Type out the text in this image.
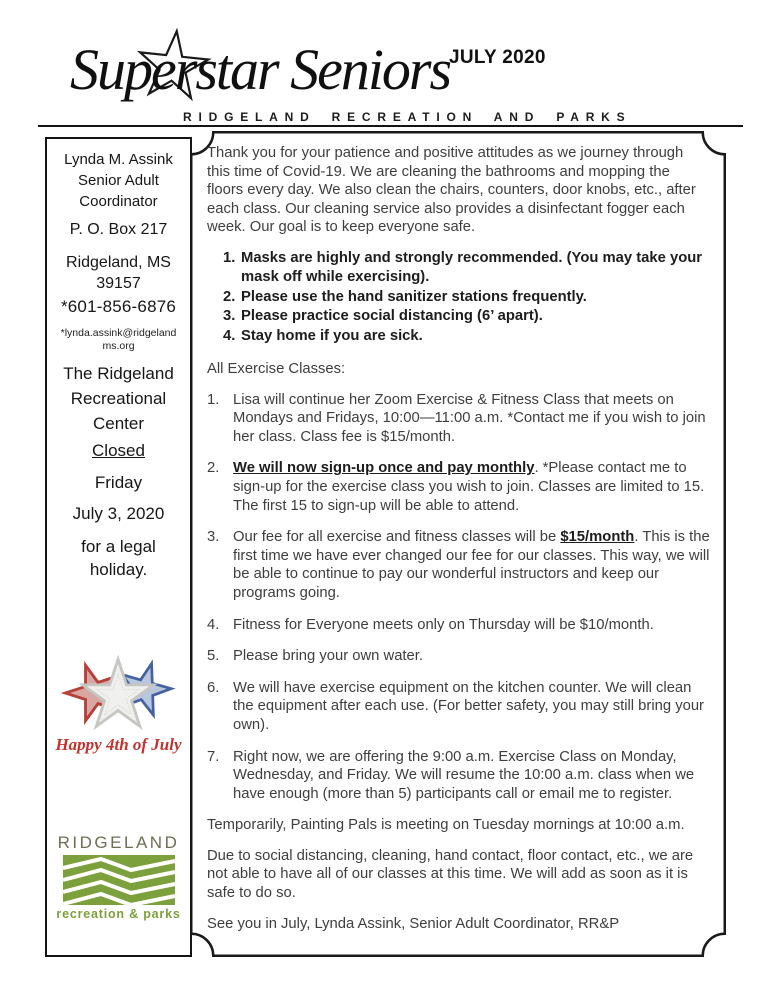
JULY 2020
Superstar Seniors
RIDGELAND RECREATION AND PARKS
Lynda M. Assink
Senior Adult
Coordinator
P. O. Box 217
Ridgeland, MS
39157
*601-856-6876
*lynda.assink@ridgelandms.org
The Ridgeland
Recreational
Center
Closed
Friday
July 3, 2020
for a legal
holiday.
Happy 4th of July
RIDGELAND
recreation & parks

Thank you for your patience and positive attitudes as we journey through this time of Covid-19. We are cleaning the bathrooms and mopping the floors every day. We also clean the chairs, counters, door knobs, etc., after each class. Our cleaning service also provides a disinfectant fogger each week. Our goal is to keep everyone safe.

1. Masks are highly and strongly recommended. (You may take your mask off while exercising).
2. Please use the hand sanitizer stations frequently.
3. Please practice social distancing (6’ apart).
4. Stay home if you are sick.

All Exercise Classes:

1. Lisa will continue her Zoom Exercise & Fitness Class that meets on Mondays and Fridays, 10:00—11:00 a.m. *Contact me if you wish to join her class. Class fee is $15/month.
2. We will now sign-up once and pay monthly. *Please contact me to sign-up for the exercise class you wish to join. Classes are limited to 15. The first 15 to sign-up will be able to attend.
3. Our fee for all exercise and fitness classes will be $15/month. This is the first time we have ever changed our fee for our classes. This way, we will be able to continue to pay our wonderful instructors and keep our programs going.
4. Fitness for Everyone meets only on Thursday will be $10/month.
5. Please bring your own water.
6. We will have exercise equipment on the kitchen counter. We will clean the equipment after each use. (For better safety, you may still bring your own).
7. Right now, we are offering the 9:00 a.m. Exercise Class on Monday, Wednesday, and Friday. We will resume the 10:00 a.m. class when we have enough (more than 5) participants call or email me to register.

Temporarily, Painting Pals is meeting on Tuesday mornings at 10:00 a.m.

Due to social distancing, cleaning, hand contact, floor contact, etc., we are not able to have all of our classes at this time. We will add as soon as it is safe to do so.

See you in July, Lynda Assink, Senior Adult Coordinator, RR&P
